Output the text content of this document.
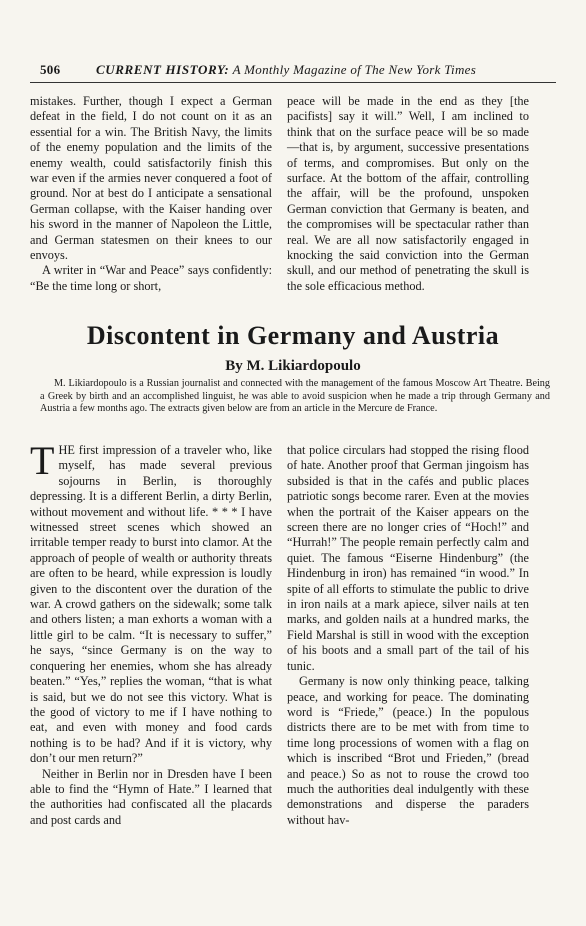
506	CURRENT HISTORY: A Monthly Magazine of The New York Times

mistakes. Further, though I expect a German defeat in the field, I do not count on it as an essential for a win. The British Navy, the limits of the enemy population and the limits of the enemy wealth, could satisfactorily finish this war even if the armies never conquered a foot of ground. Nor at best do I anticipate a sensational German collapse, with the Kaiser handing over his sword in the manner of Napoleon the Little, and German statesmen on their knees to our envoys.

A writer in “War and Peace” says confidently: “Be the time long or short,

peace will be made in the end as they [the pacifists] say it will.” Well, I am inclined to think that on the surface peace will be so made—that is, by argument, successive presentations of terms, and compromises. But only on the surface. At the bottom of the affair, controlling the affair, will be the profound, unspoken German conviction that Germany is beaten, and the compromises will be spectacular rather than real. We are all now satisfactorily engaged in knocking the said conviction into the German skull, and our method of penetrating the skull is the sole efficacious method.

Discontent in Germany and Austria
By M. Likiardopoulo

M. Likiardopoulo is a Russian journalist and connected with the management of the famous Moscow Art Theatre. Being a Greek by birth and an accomplished linguist, he was able to avoid suspicion when he made a trip through Germany and Austria a few months ago. The extracts given below are from an article in the Mercure de France.

THE first impression of a traveler who, like myself, has made several previous sojourns in Berlin, is thoroughly depressing. It is a different Berlin, a dirty Berlin, without movement and without life. * * * I have witnessed street scenes which showed an irritable temper ready to burst into clamor. At the approach of people of wealth or authority threats are often to be heard, while expression is loudly given to the discontent over the duration of the war. A crowd gathers on the sidewalk; some talk and others listen; a man exhorts a woman with a little girl to be calm. “It is necessary to suffer,” he says, “since Germany is on the way to conquering her enemies, whom she has already beaten.” “Yes,” replies the woman, “that is what is said, but we do not see this victory. What is the good of victory to me if I have nothing to eat, and even with money and food cards nothing is to be had? And if it is victory, why don’t our men return?”

Neither in Berlin nor in Dresden have I been able to find the “Hymn of Hate.” I learned that the authorities had confiscated all the placards and post cards and

that police circulars had stopped the rising flood of hate. Another proof that German jingoism has subsided is that in the cafés and public places patriotic songs become rarer. Even at the movies when the portrait of the Kaiser appears on the screen there are no longer cries of “Hoch!” and “Hurrah!” The people remain perfectly calm and quiet. The famous “Eiserne Hindenburg” (the Hindenburg in iron) has remained “in wood.” In spite of all efforts to stimulate the public to drive in iron nails at a mark apiece, silver nails at ten marks, and golden nails at a hundred marks, the Field Marshal is still in wood with the exception of his boots and a small part of the tail of his tunic.

Germany is now only thinking peace, talking peace, and working for peace. The dominating word is “Friede,” (peace.) In the populous districts there are to be met with from time to time long processions of women with a flag on which is inscribed “Brot und Frieden,” (bread and peace.) So as not to rouse the crowd too much the authorities deal indulgently with these demonstrations and disperse the paraders without hav-
